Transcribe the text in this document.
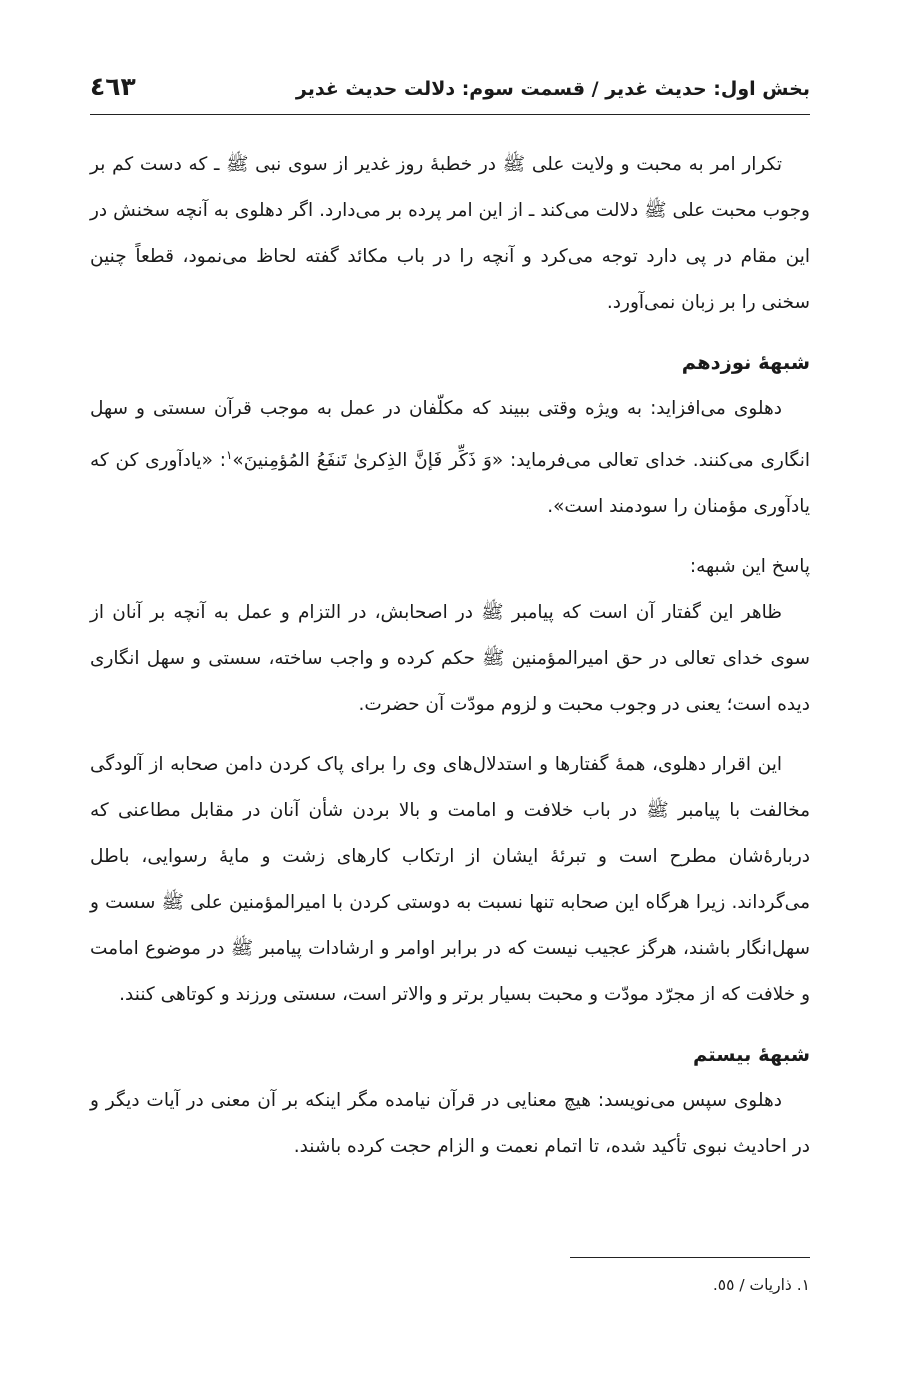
بخش اول: حدیث غدیر / قسمت سوم: دلالت حدیث غدیر
٤٦٣

تکرار امر به محبت و ولایت علی ﷺ در خطبهٔ روز غدیر از سوی نبی ﷺ ـ که دست کم بر وجوب محبت علی ﷺ دلالت می‌کند ـ از این امر پرده بر می‌دارد. اگر دهلوی به آنچه سخنش در این مقام در پی دارد توجه می‌کرد و آنچه را در باب مکائد گفته لحاظ می‌نمود، قطعاً چنین سخنی را بر زبان نمی‌آورد.

شبههٔ نوزدهم

دهلوی می‌افزاید: به ویژه وقتی ببیند که مکلّفان در عمل به موجب قرآن سستی و سهل انگاری می‌کنند. خدای تعالی می‌فرماید: «وَ ذَكِّر فَإنَّ الذِكرىٰ تَنفَعُ المُؤمِنينَ»$^١$: «یادآوری کن که یادآوری مؤمنان را سودمند است».

پاسخ این شبهه:

ظاهر این گفتار آن است که پیامبر ﷺ در اصحابش، در التزام و عمل به آنچه بر آنان از سوی خدای تعالی در حق امیرالمؤمنین ﷺ حکم کرده و واجب ساخته، سستی و سهل انگاری دیده است؛ یعنی در وجوب محبت و لزوم مودّت آن حضرت.

این اقرار دهلوی، همهٔ گفتارها و استدلال‌های وی را برای پاک کردن دامن صحابه از آلودگی مخالفت با پیامبر ﷺ در باب خلافت و امامت و بالا بردن شأن آنان در مقابل مطاعنی که دربارهٔ‌شان مطرح است و تبرئهٔ ایشان از ارتکاب کارهای زشت و مایهٔ رسوایی، باطل می‌گرداند. زیرا هرگاه این صحابه تنها نسبت به دوستی کردن با امیرالمؤمنین علی ﷺ سست و سهل‌انگار باشند، هرگز عجیب نیست که در برابر اوامر و ارشادات پیامبر ﷺ در موضوع امامت و خلافت که از مجرّد مودّت و محبت بسیار برتر و والاتر است، سستی ورزند و کوتاهی کنند.

شبههٔ بیستم

دهلوی سپس می‌نویسد: هیچ معنایی در قرآن نیامده مگر اینکه بر آن معنی در آیات دیگر و در احادیث نبوی تأکید شده، تا اتمام نعمت و الزام حجت کرده باشند.

١. ذاریات / ٥٥.
